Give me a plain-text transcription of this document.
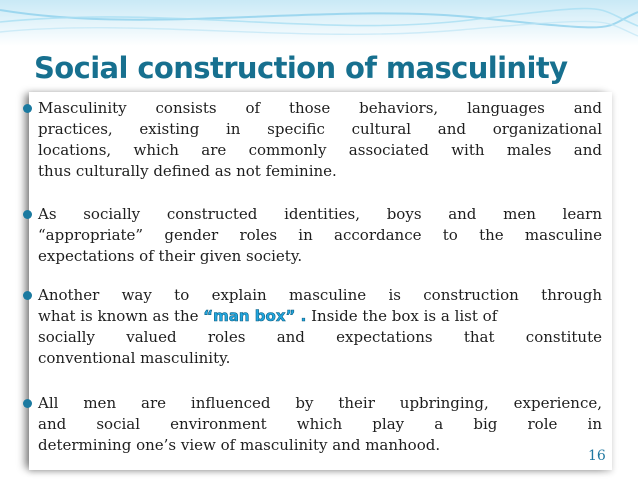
Social construction of masculinity
Masculinity consists of those behaviors, languages and
practices, existing in specific cultural and organizational
locations, which are commonly associated with males and
thus culturally defined as not feminine.
As socially constructed identities, boys and men learn
“appropriate” gender roles in accordance to the masculine
expectations of their given society.
Another way to explain masculine is construction through
what is known as the “man box” . Inside the box is a list of
socially valued roles and expectations that constitute
conventional masculinity.
All men are influenced by their upbringing, experience,
and social environment which play a big role in
determining one’s view of masculinity and manhood.
16
